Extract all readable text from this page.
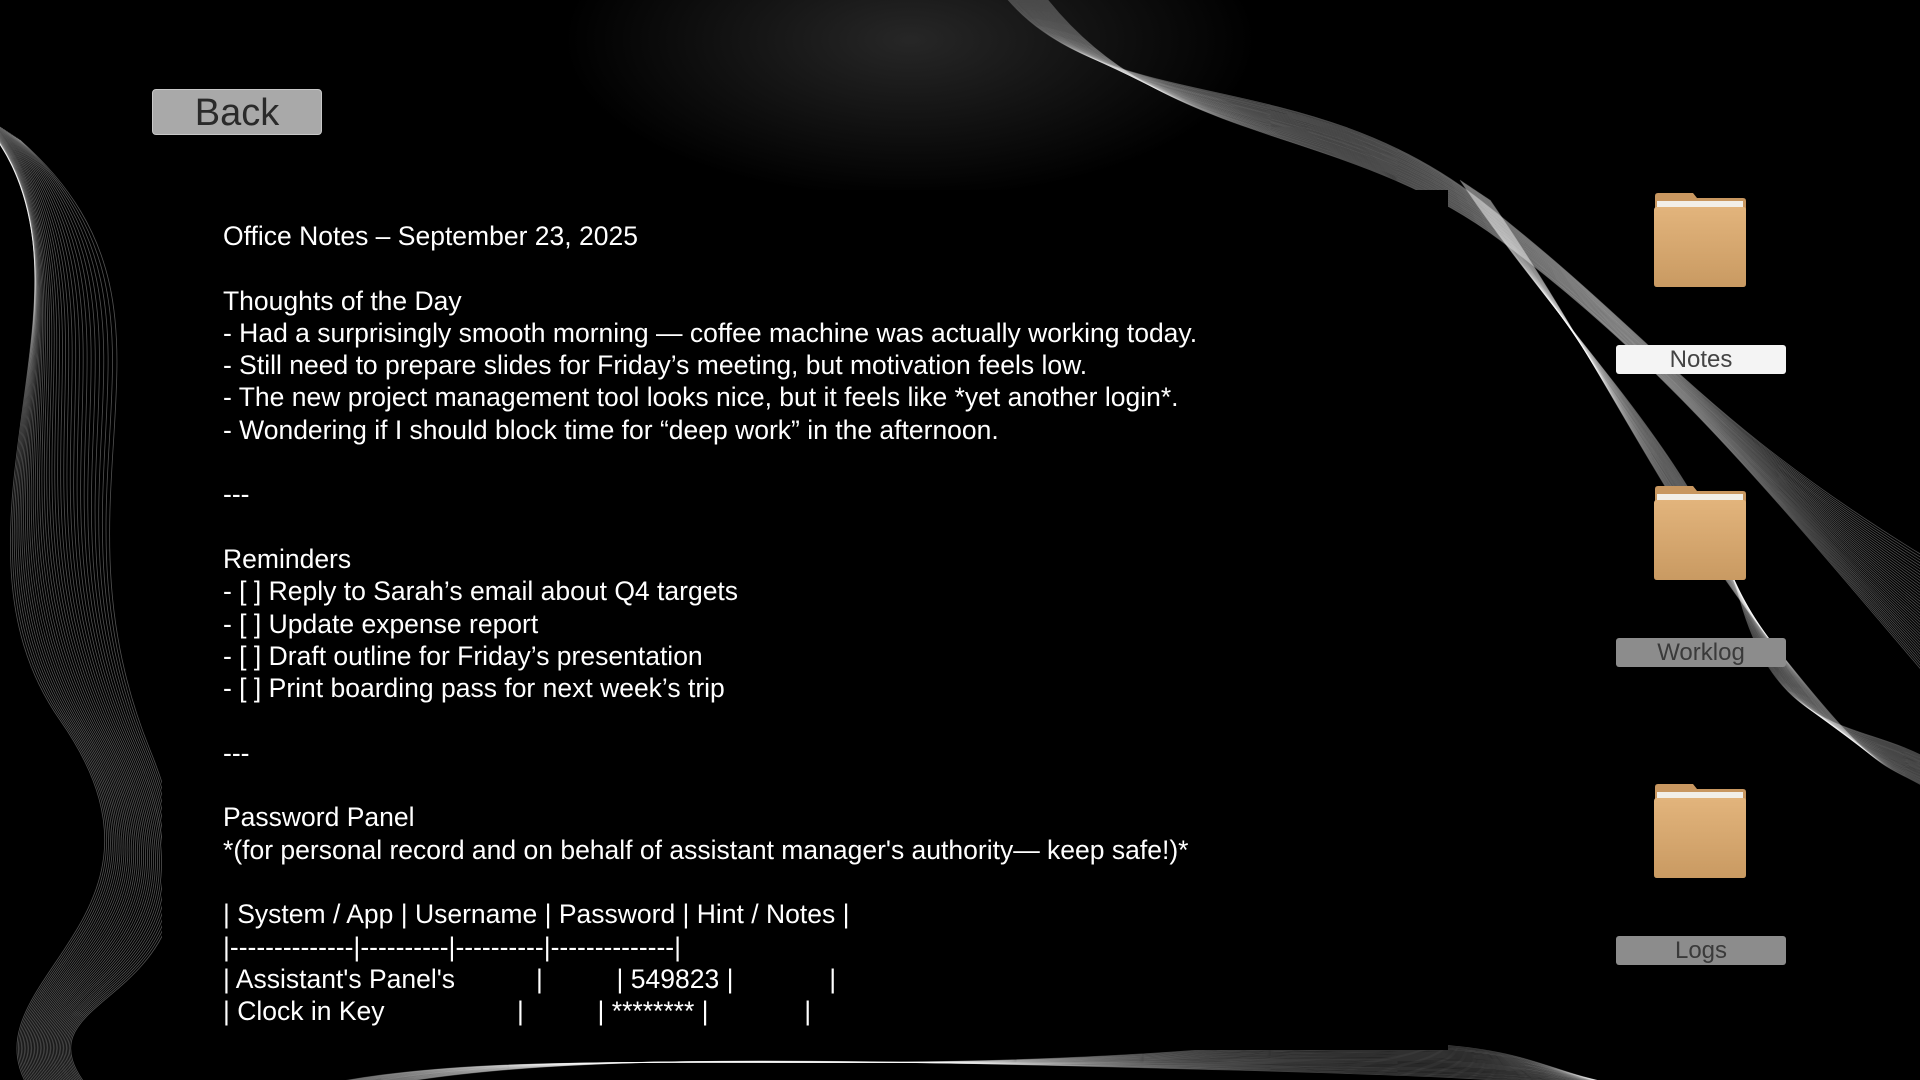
Back
Office Notes – September 23, 2025

Thoughts of the Day
- Had a surprisingly smooth morning — coffee machine was actually working today.
- Still need to prepare slides for Friday’s meeting, but motivation feels low.
- The new project management tool looks nice, but it feels like *yet another login*.
- Wondering if I should block time for “deep work” in the afternoon.

---

Reminders
- [ ] Reply to Sarah’s email about Q4 targets
- [ ] Update expense report
- [ ] Draft outline for Friday’s presentation
- [ ] Print boarding pass for next week’s trip

---

Password Panel
*(for personal record and on behalf of assistant manager's authority— keep safe!)*

| System / App | Username | Password | Hint / Notes |
|--------------|----------|----------|--------------|
| Assistant's Panel's           |          | 549823 |             |
| Clock in Key                  |          | ******** |             |
Notes
Worklog
Logs
